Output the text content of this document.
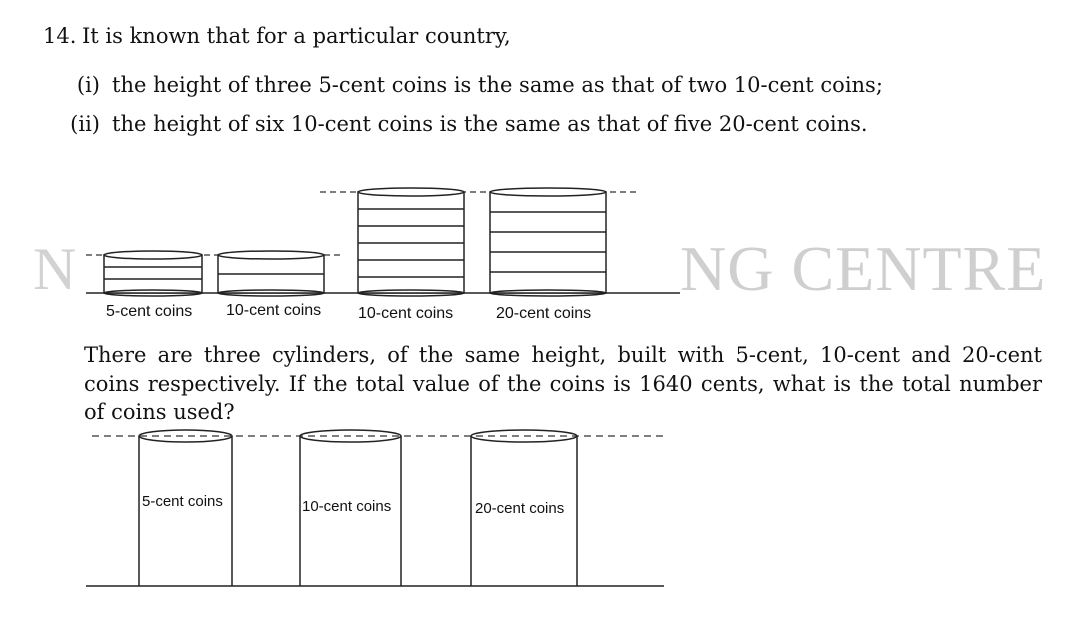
N	NG CENTRE
14. It is known that for a particular country,
(i) the height of three 5-cent coins is the same as that of two 10-cent coins;
(ii) the height of six 10-cent coins is the same as that of five 20-cent coins.
5-cent coins 10-cent coins 10-cent coins	20-cent coins
There are three cylinders, of the same height, built with 5-cent, 10-cent and 20-cent coins respectively. If the total value of the coins is 1640 cents, what is the total number of coins used?
5-cent coins	10-cent coins	20-cent coins
